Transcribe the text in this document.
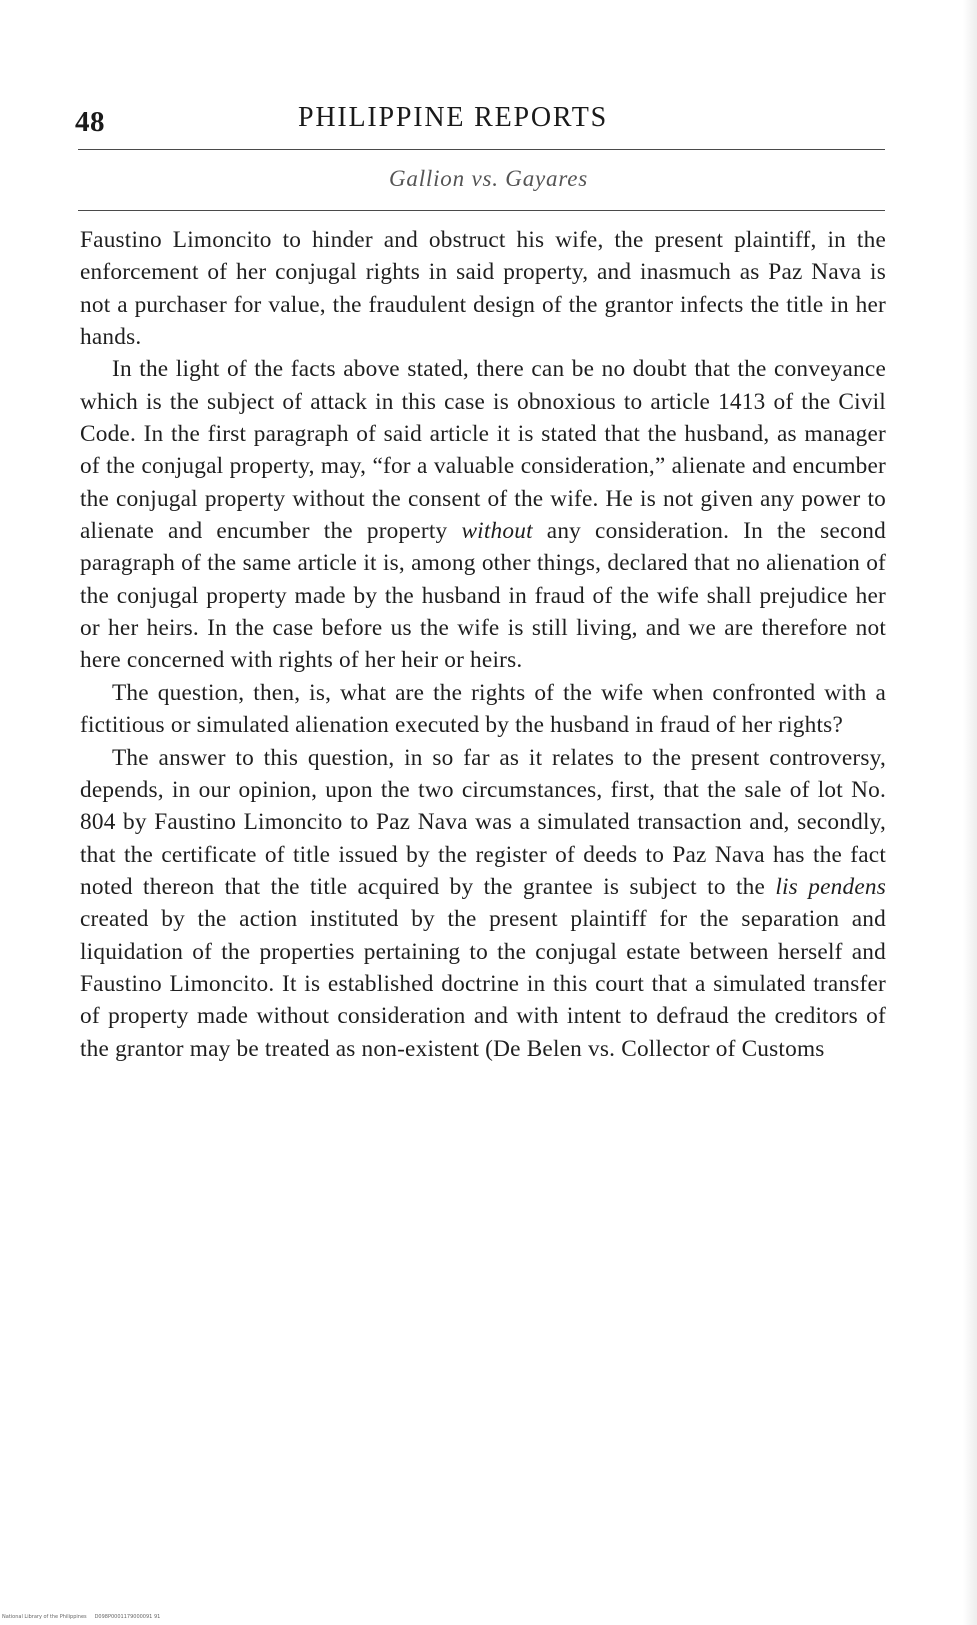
48	PHILIPPINE REPORTS
Gallion vs. Gayares

Faustino Limoncito to hinder and obstruct his wife, the present plaintiff, in the enforcement of her conjugal rights in said property, and inasmuch as Paz Nava is not a purchaser for value, the fraudulent design of the grantor infects the title in her hands.

In the light of the facts above stated, there can be no doubt that the conveyance which is the subject of attack in this case is obnoxious to article 1413 of the Civil Code. In the first paragraph of said article it is stated that the husband, as manager of the conjugal property, may, “for a valuable consideration,” alienate and encumber the conjugal property without the consent of the wife. He is not given any power to alienate and encumber the property without any consideration. In the second paragraph of the same article it is, among other things, declared that no alienation of the conjugal property made by the husband in fraud of the wife shall prejudice her or her heirs. In the case before us the wife is still living, and we are therefore not here concerned with rights of her heir or heirs.

The question, then, is, what are the rights of the wife when confronted with a fictitious or simulated alienation executed by the husband in fraud of her rights?

The answer to this question, in so far as it relates to the present controversy, depends, in our opinion, upon the two circumstances, first, that the sale of lot No. 804 by Faustino Limoncito to Paz Nava was a simulated transaction and, secondly, that the certificate of title issued by the register of deeds to Paz Nava has the fact noted thereon that the title acquired by the grantee is subject to the lis pendens created by the action instituted by the present plaintiff for the separation and liquidation of the properties pertaining to the conjugal estate between herself and Faustino Limoncito. It is established doctrine in this court that a simulated transfer of property made without consideration and with intent to defraud the creditors of the grantor may be treated as non-existent (De Belen vs. Collector of Customs

National Library of the Philippines     D098P0001179000091 91
